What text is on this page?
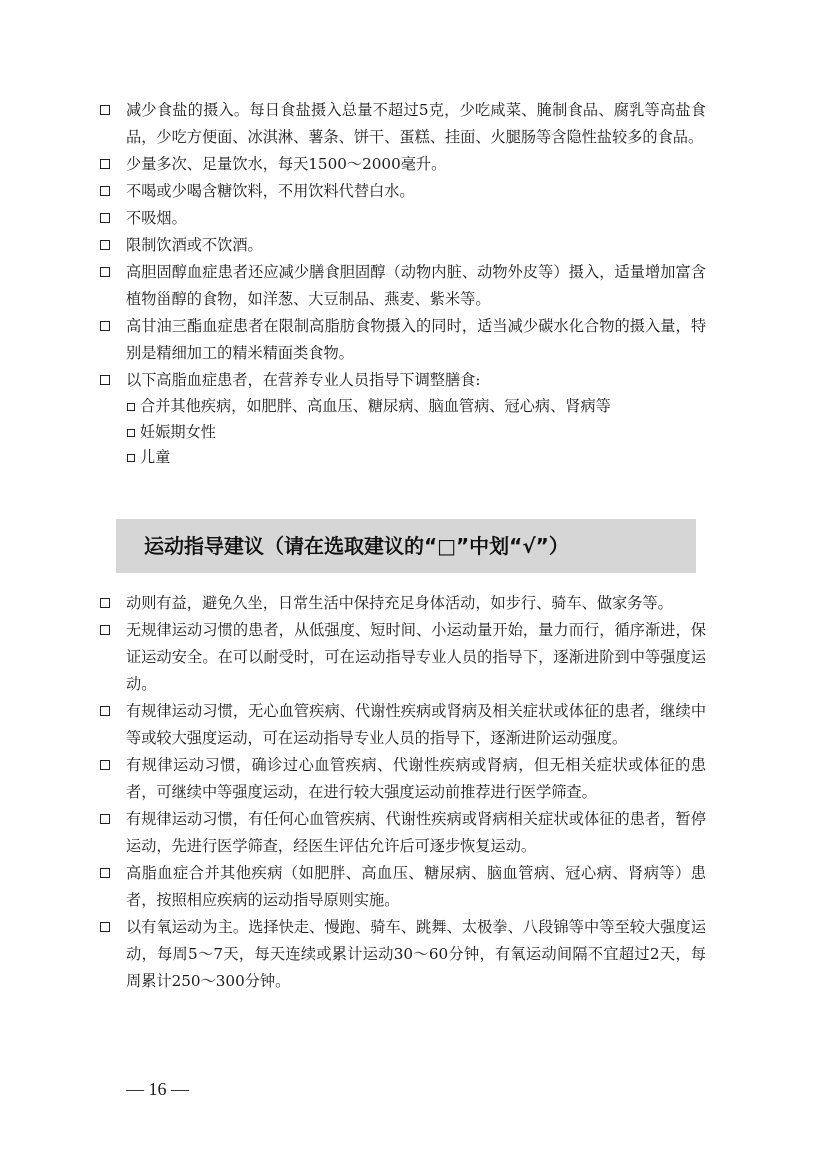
减少食盐的摄入。每日食盐摄入总量不超过5克，少吃咸菜、腌制食品、腐乳等高盐食品，少吃方便面、冰淇淋、薯条、饼干、蛋糕、挂面、火腿肠等含隐性盐较多的食品。
少量多次、足量饮水，每天1500～2000毫升。
不喝或少喝含糖饮料，不用饮料代替白水。
不吸烟。
限制饮酒或不饮酒。
高胆固醇血症患者还应减少膳食胆固醇（动物内脏、动物外皮等）摄入，适量增加富含植物甾醇的食物，如洋葱、大豆制品、燕麦、紫米等。
高甘油三酯血症患者在限制高脂肪食物摄入的同时，适当减少碳水化合物的摄入量，特别是精细加工的精米精面类食物。
以下高脂血症患者，在营养专业人员指导下调整膳食:
合并其他疾病，如肥胖、高血压、糖尿病、脑血管病、冠心病、肾病等
妊娠期女性
儿童
运动指导建议（请在选取建议的“□”中划“√”）
动则有益，避免久坐，日常生活中保持充足身体活动，如步行、骑车、做家务等。
无规律运动习惯的患者，从低强度、短时间、小运动量开始，量力而行，循序渐进，保证运动安全。在可以耐受时，可在运动指导专业人员的指导下，逐渐进阶到中等强度运动。
有规律运动习惯，无心血管疾病、代谢性疾病或肾病及相关症状或体征的患者，继续中等或较大强度运动，可在运动指导专业人员的指导下，逐渐进阶运动强度。
有规律运动习惯，确诊过心血管疾病、代谢性疾病或肾病，但无相关症状或体征的患者，可继续中等强度运动，在进行较大强度运动前推荐进行医学筛查。
有规律运动习惯，有任何心血管疾病、代谢性疾病或肾病相关症状或体征的患者，暂停运动，先进行医学筛查，经医生评估允许后可逐步恢复运动。
高脂血症合并其他疾病（如肥胖、高血压、糖尿病、脑血管病、冠心病、肾病等）患者，按照相应疾病的运动指导原则实施。
以有氧运动为主。选择快走、慢跑、骑车、跳舞、太极拳、八段锦等中等至较大强度运动，每周5～7天，每天连续或累计运动30～60分钟，有氧运动间隔不宜超过2天，每周累计250～300分钟。
— 16 —
